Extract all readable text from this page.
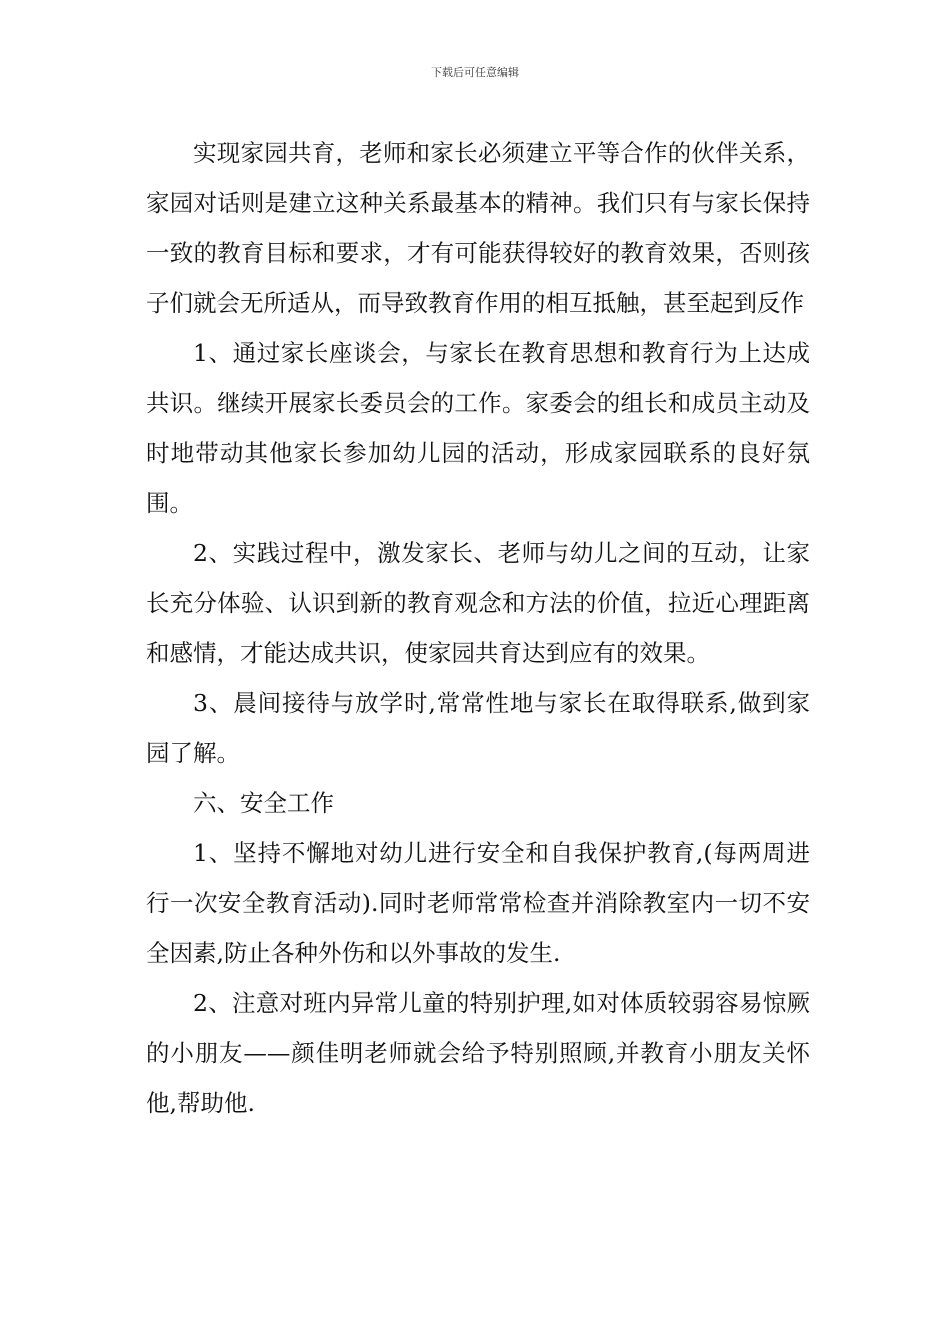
下载后可任意编辑

实现家园共育，老师和家长必须建立平等合作的伙伴关系，家园对话则是建立这种关系最基本的精神。我们只有与家长保持一致的教育目标和要求，才有可能获得较好的教育效果，否则孩子们就会无所适从，而导致教育作用的相互抵触，甚至起到反作

1、通过家长座谈会，与家长在教育思想和教育行为上达成共识。继续开展家长委员会的工作。家委会的组长和成员主动及时地带动其他家长参加幼儿园的活动，形成家园联系的良好氛围。

2、实践过程中，激发家长、老师与幼儿之间的互动，让家长充分体验、认识到新的教育观念和方法的价值，拉近心理距离和感情，才能达成共识，使家园共育达到应有的效果。

3、晨间接待与放学时,常常性地与家长在取得联系,做到家园了解。

六、安全工作

1、坚持不懈地对幼儿进行安全和自我保护教育,(每两周进行一次安全教育活动).同时老师常常检查并消除教室内一切不安全因素,防止各种外伤和以外事故的发生.

2、注意对班内异常儿童的特别护理,如对体质较弱容易惊厥的小朋友——颜佳明老师就会给予特别照顾,并教育小朋友关怀他,帮助他.
